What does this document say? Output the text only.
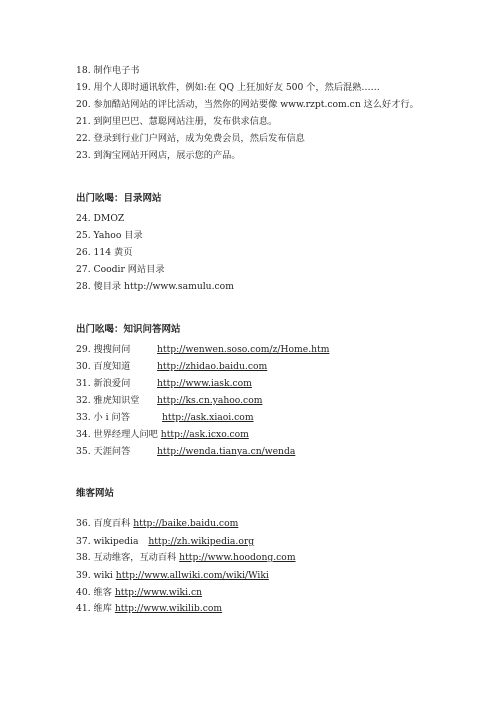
18. 制作电子书
19. 用个人即时通讯软件，例如:在 QQ 上狂加好友 500 个，然后混熟……
20. 参加酷站网站的评比活动，当然你的网站要像 www.rzpt.com.cn 这么好才行。
21. 到阿里巴巴、慧聪网站注册，发布供求信息。
22. 登录到行业门户网站，成为免费会员，然后发布信息
23. 到淘宝网站开网店，展示您的产品。
出门吆喝：目录网站
24. DMOZ
25. Yahoo 目录
26. 114 黄页
27. Coodir 网站目录
28. 傻目录 http://www.samulu.com
出门吆喝：知识问答网站
29. 搜搜问问	http://wenwen.soso.com/z/Home.htm
30. 百度知道	http://zhidao.baidu.com
31. 新浪爱问	http://www.iask.com
32. 雅虎知识堂 http://ks.cn.yahoo.com
33. 小 i 问答	http://ask.xiaoi.com
34. 世界经理人问吧 http://ask.icxo.com
35. 天涯问答	http://wenda.tianya.cn/wenda
维客网站
36. 百度百科 http://baike.baidu.com
37. wikipedia http://zh.wikipedia.org
38. 互动维客，互动百科 http://www.hoodong.com
39. wiki http://www.allwiki.com/wiki/Wiki
40. 维客 http://www.wiki.cn
41. 维库 http://www.wikilib.com
